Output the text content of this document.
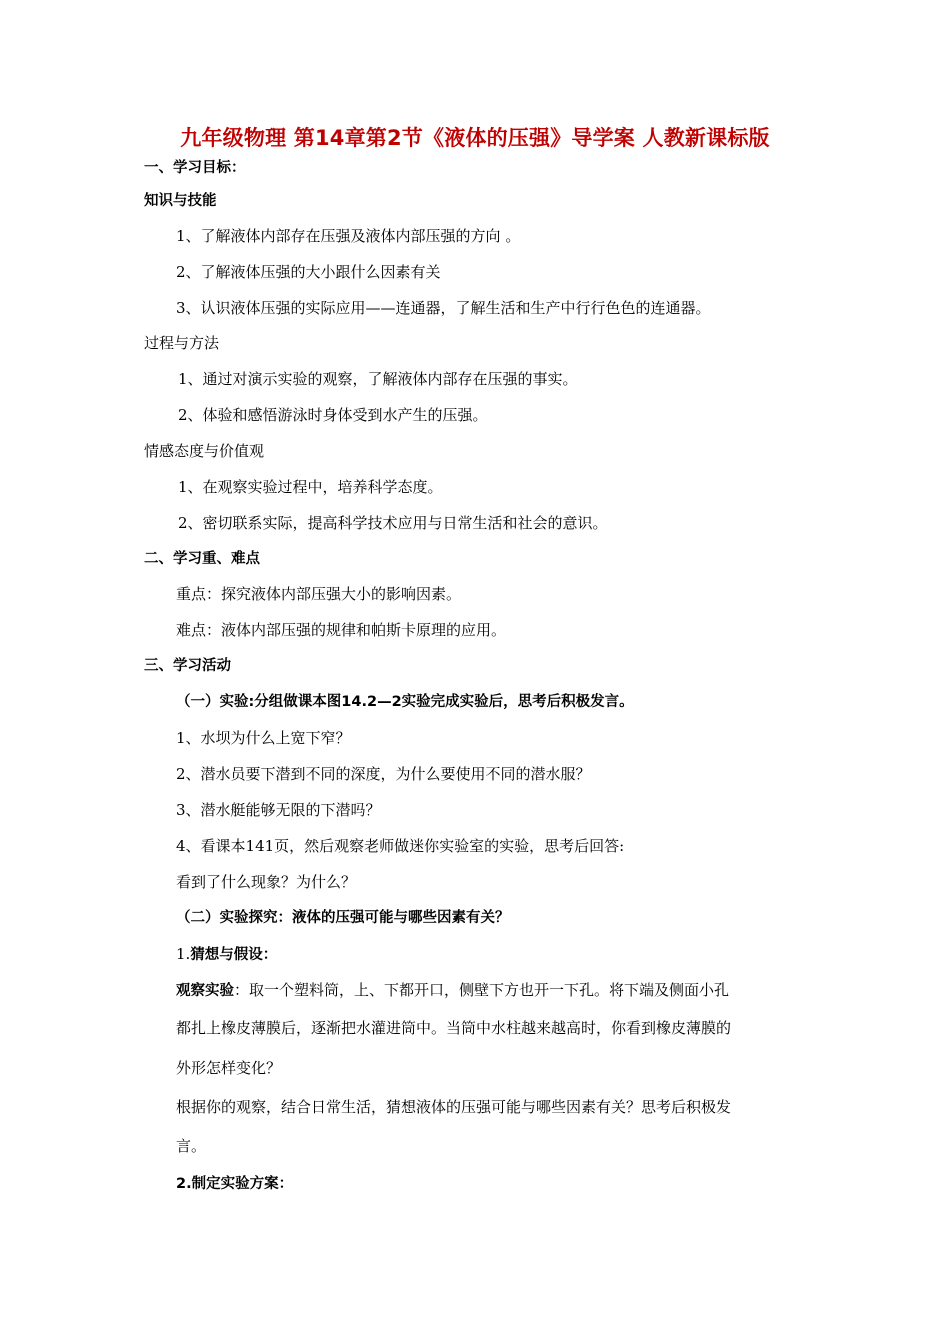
九年级物理 第14章第2节《液体的压强》导学案 人教新课标版
一、学习目标：
知识与技能
1、了解液体内部存在压强及液体内部压强的方向 。
2、了解液体压强的大小跟什么因素有关
3、认识液体压强的实际应用——连通器，了解生活和生产中行行色色的连通器。
过程与方法
1、通过对演示实验的观察，了解液体内部存在压强的事实。
2、体验和感悟游泳时身体受到水产生的压强。
情感态度与价值观
1、在观察实验过程中，培养科学态度。
2、密切联系实际，提高科学技术应用与日常生活和社会的意识。
二、学习重、难点
重点：探究液体内部压强大小的影响因素。
难点：液体内部压强的规律和帕斯卡原理的应用。
三、学习活动
（一）实验:分组做课本图14.2—2实验完成实验后，思考后积极发言。
1、水坝为什么上宽下窄？
2、潜水员要下潜到不同的深度，为什么要使用不同的潜水服？
3、潜水艇能够无限的下潜吗？
4、看课本141页，然后观察老师做迷你实验室的实验，思考后回答:
看到了什么现象？为什么？
（二）实验探究：液体的压强可能与哪些因素有关？
1.猜想与假设：
观察实验：取一个塑料筒，上、下都开口，侧壁下方也开一下孔。将下端及侧面小孔
都扎上橡皮薄膜后，逐渐把水灌进筒中。当筒中水柱越来越高时，你看到橡皮薄膜的
外形怎样变化？
根据你的观察，结合日常生活，猜想液体的压强可能与哪些因素有关？思考后积极发
言。
2.制定实验方案：
